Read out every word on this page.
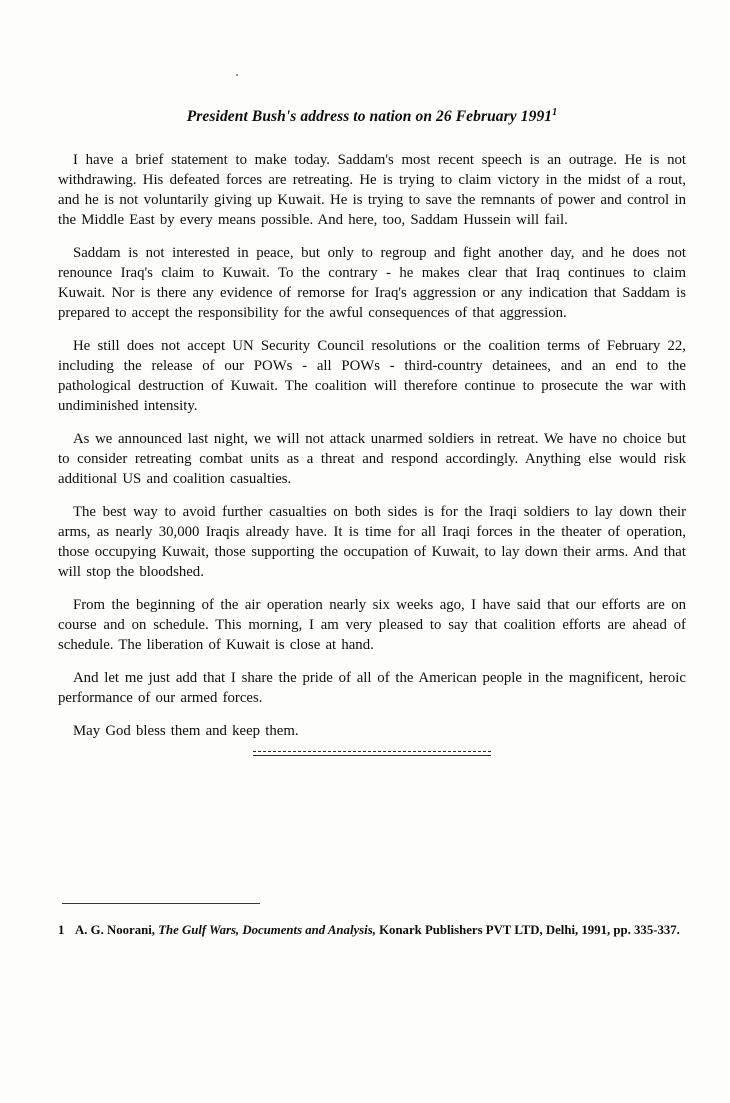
President Bush's address to nation on 26 February 1991$^1$

I have a brief statement to make today. Saddam's most recent speech is an outrage. He is not withdrawing. His defeated forces are retreating. He is trying to claim victory in the midst of a rout, and he is not voluntarily giving up Kuwait. He is trying to save the remnants of power and control in the Middle East by every means possible. And here, too, Saddam Hussein will fail.

Saddam is not interested in peace, but only to regroup and fight another day, and he does not renounce Iraq's claim to Kuwait. To the contrary - he makes clear that Iraq continues to claim Kuwait. Nor is there any evidence of remorse for Iraq's aggression or any indication that Saddam is prepared to accept the responsibility for the awful consequences of that aggression.

He still does not accept UN Security Council resolutions or the coalition terms of February 22, including the release of our POWs - all POWs - third-country detainees, and an end to the pathological destruction of Kuwait. The coalition will therefore continue to prosecute the war with undiminished intensity.

As we announced last night, we will not attack unarmed soldiers in retreat. We have no choice but to consider retreating combat units as a threat and respond accordingly. Anything else would risk additional US and coalition casualties.

The best way to avoid further casualties on both sides is for the Iraqi soldiers to lay down their arms, as nearly 30,000 Iraqis already have. It is time for all Iraqi forces in the theater of operation, those occupying Kuwait, those supporting the occupation of Kuwait, to lay down their arms. And that will stop the bloodshed.

From the beginning of the air operation nearly six weeks ago, I have said that our efforts are on course and on schedule. This morning, I am very pleased to say that coalition efforts are ahead of schedule. The liberation of Kuwait is close at hand.

And let me just add that I share the pride of all of the American people in the magnificent, heroic performance of our armed forces.

May God bless them and keep them.

1 A. G. Noorani, The Gulf Wars, Documents and Analysis, Konark Publishers PVT LTD, Delhi, 1991, pp. 335-337.
